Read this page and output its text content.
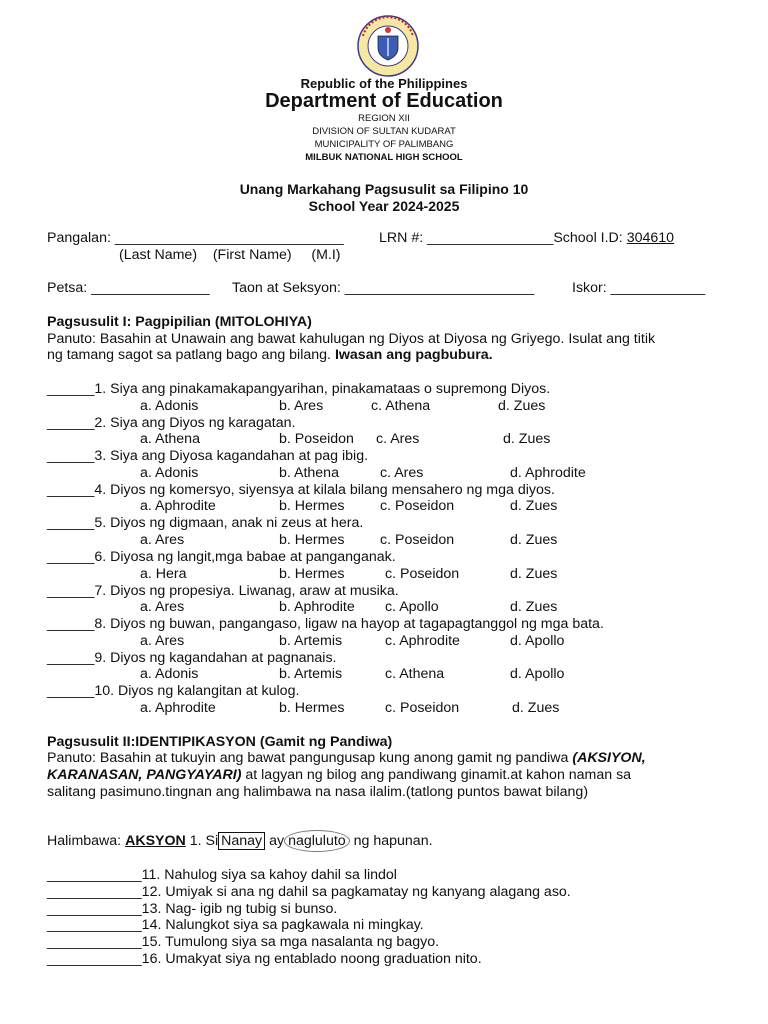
Republic of the Philippines
Department of Education
REGION XII
DIVISION OF SULTAN KUDARAT
MUNICIPALITY OF PALIMBANG
MILBUK NATIONAL HIGH SCHOOL
Unang Markahang Pagsusulit sa Filipino 10
School Year 2024-2025
Pangalan: _____________________________ LRN #: ________________School I.D: 304610
(Last Name)    (First Name)     (M.I)
Petsa: _______________ Taon at Seksyon: ________________________	Iskor: ____________
Pagsusulit I: Pagpipilian (MITOLOHIYA)
Panuto: Basahin at Unawain ang bawat kahulugan ng Diyos at Diyosa ng Griyego. Isulat ang titik
ng tamang sagot sa patlang bago ang bilang. Iwasan ang pagbubura.
______1. Siya ang pinakamakapangyarihan, pinakamataas o supremong Diyos.
a. Adonis	b. Ares	c. Athena	d. Zues
______2. Siya ang Diyos ng karagatan.
a. Athena	b. Poseidon c. Ares	d. Zues
______3. Siya ang Diyosa kagandahan at pag ibig.
a. Adonis	b. Athena	c. Ares	d. Aphrodite
______4. Diyos ng komersyo, siyensya at kilala bilang mensahero ng mga diyos.
a. Aphrodite	b. Hermes	c. Poseidon	d. Zues
______5. Diyos ng digmaan, anak ni zeus at hera.
a. Ares	b. Hermes	c. Poseidon	d. Zues
______6. Diyosa ng langit,mga babae at panganganak.
a. Hera	b. Hermes	c. Poseidon	d. Zues
______7. Diyos ng propesiya. Liwanag, araw at musika.
a. Ares	b. Aphrodite c. Apollo	d. Zues
______8. Diyos ng buwan, pangangaso, ligaw na hayop at tagapagtanggol ng mga bata.
a. Ares	b. Artemis	c. Aphrodite	d. Apollo
______9. Diyos ng kagandahan at pagnanais.
a. Adonis	b. Artemis	c. Athena	d. Apollo
______10. Diyos ng kalangitan at kulog.
a. Aphrodite	b. Hermes	c. Poseidon	d. Zues
Pagsusulit II:IDENTIPIKASYON (Gamit ng Pandiwa)
Panuto: Basahin at tukuyin ang bawat pangungusap kung anong gamit ng pandiwa (AKSIYON,
KARANASAN, PANGYAYARI) at lagyan ng bilog ang pandiwang ginamit.at kahon naman sa
salitang pasimuno.tingnan ang halimbawa na nasa ilalim.(tatlong puntos bawat bilang)
Halimbawa: AKSYON 1. Si Nanay ay nagluluto ng hapunan.
____________11. Nahulog siya sa kahoy dahil sa lindol
____________12. Umiyak si ana ng dahil sa pagkamatay ng kanyang alagang aso.
____________13. Nag- igib ng tubig si bunso.
____________14. Nalungkot siya sa pagkawala ni mingkay.
____________15. Tumulong siya sa mga nasalanta ng bagyo.
____________16. Umakyat siya ng entablado noong graduation nito.
